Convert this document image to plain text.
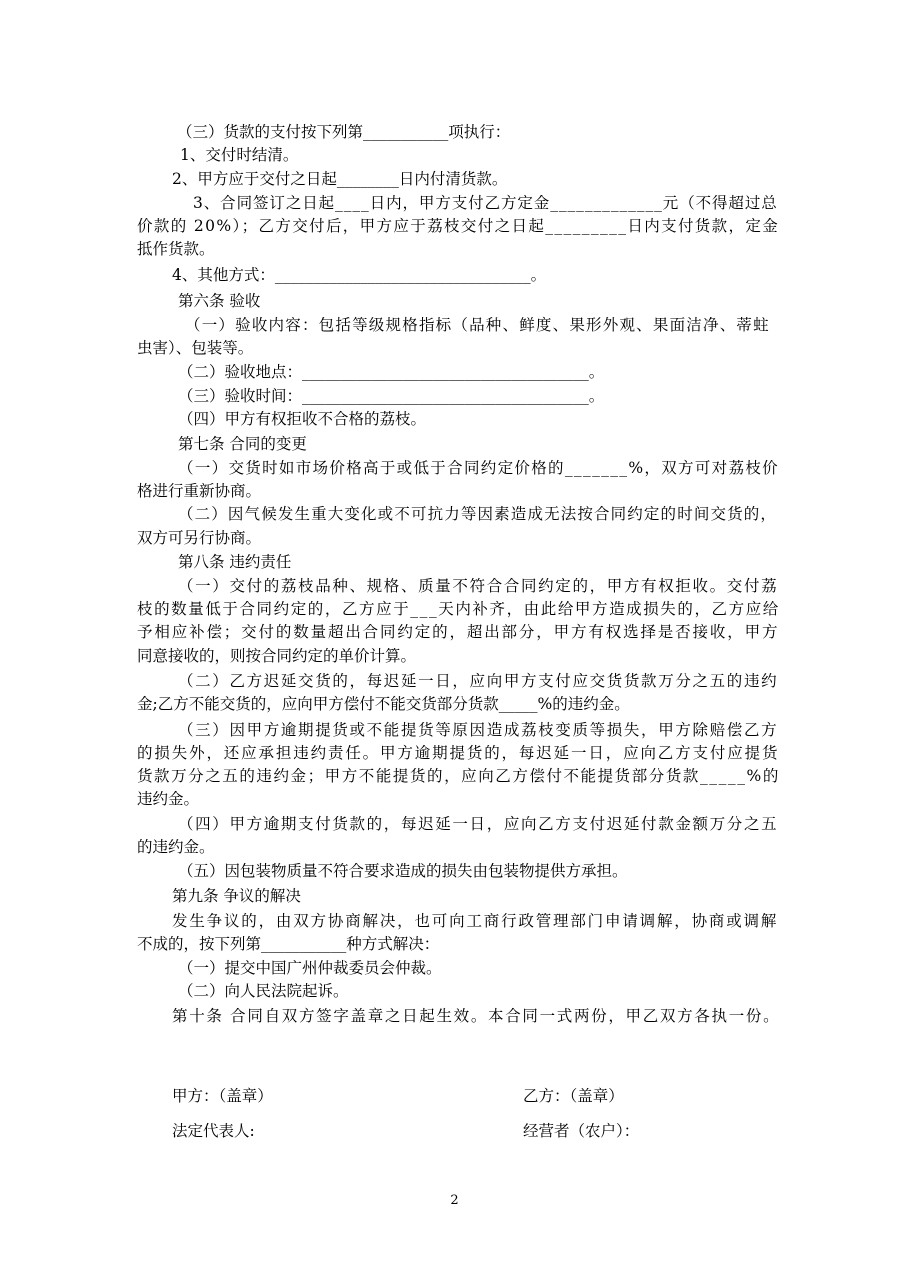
（三）货款的支付按下列第___________项执行：
1、交付时结清。
2、甲方应于交付之日起________日内付清货款。
3、合同签订之日起____日内，甲方支付乙方定金_____________元（不得超过总
价款的 20%）；乙方交付后，甲方应于荔枝交付之日起_________日内支付货款，定金
抵作货款。
4、其他方式：_________________________________。
第六条 验收
（一）验收内容：包括等级规格指标（品种、鲜度、果形外观、果面洁净、蒂蛀
虫害）、包装等。
（二）验收地点：_____________________________________。
（三）验收时间：_____________________________________。
（四）甲方有权拒收不合格的荔枝。
第七条 合同的变更
（一）交货时如市场价格高于或低于合同约定价格的_______%，双方可对荔枝价
格进行重新协商。
（二）因气候发生重大变化或不可抗力等因素造成无法按合同约定的时间交货的，
双方可另行协商。
第八条 违约责任
（一）交付的荔枝品种、规格、质量不符合合同约定的，甲方有权拒收。交付荔
枝的数量低于合同约定的，乙方应于___天内补齐，由此给甲方造成损失的，乙方应给
予相应补偿；交付的数量超出合同约定的，超出部分，甲方有权选择是否接收，甲方
同意接收的，则按合同约定的单价计算。
（二）乙方迟延交货的，每迟延一日，应向甲方支付应交货货款万分之五的违约
金;乙方不能交货的，应向甲方偿付不能交货部分货款_____%的违约金。
（三）因甲方逾期提货或不能提货等原因造成荔枝变质等损失，甲方除赔偿乙方
的损失外，还应承担违约责任。甲方逾期提货的，每迟延一日，应向乙方支付应提货
货款万分之五的违约金；甲方不能提货的，应向乙方偿付不能提货部分货款_____%的
违约金。
（四）甲方逾期支付货款的，每迟延一日，应向乙方支付迟延付款金额万分之五
的违约金。
（五）因包装物质量不符合要求造成的损失由包装物提供方承担。
第九条 争议的解决
发生争议的，由双方协商解决，也可向工商行政管理部门申请调解，协商或调解
不成的，按下列第___________种方式解决：
（一）提交中国广州仲裁委员会仲裁。
（二）向人民法院起诉。
第十条 合同自双方签字盖章之日起生效。本合同一式两份，甲乙双方各执一份。
甲方：（盖章）	乙方：（盖章）
法定代表人:	经营者（农户）：
2
